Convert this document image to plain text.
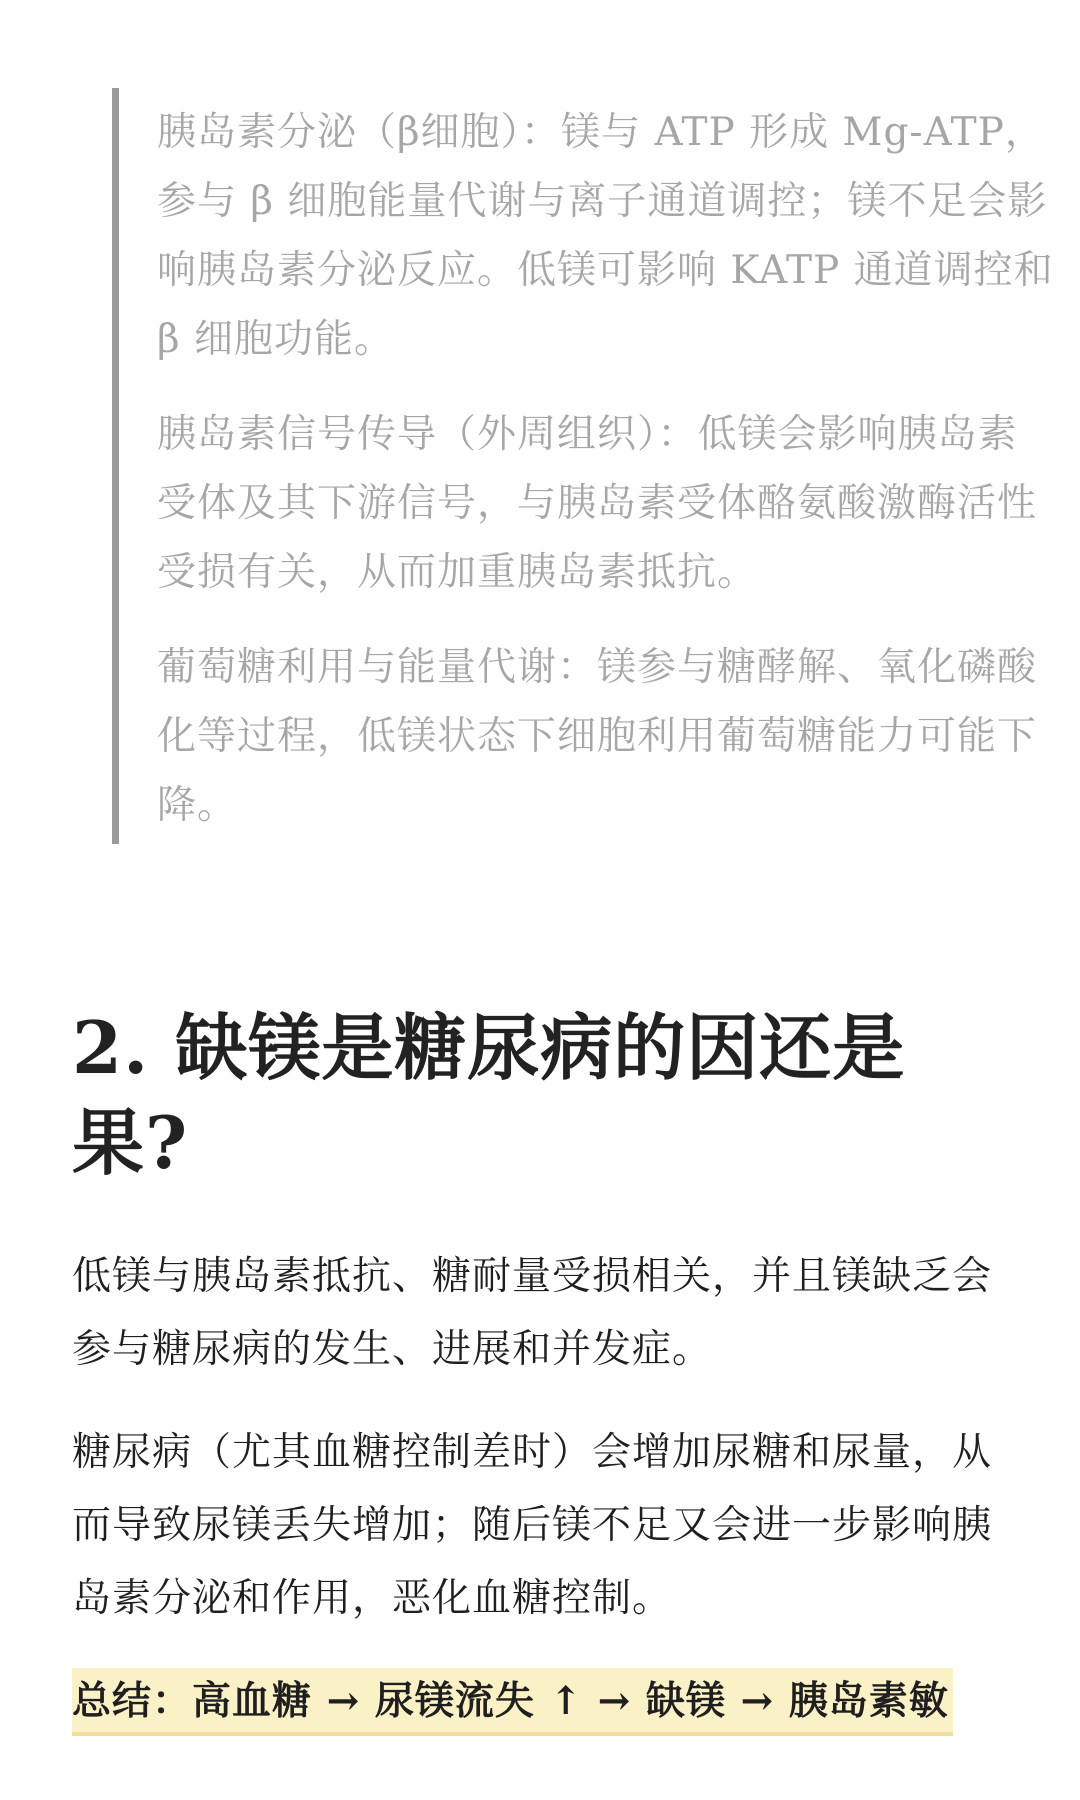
胰岛素分泌（β细胞）：镁与 ATP 形成 Mg-ATP，参与 β 细胞能量代谢与离子通道调控；镁不足会影响胰岛素分泌反应。低镁可影响 KATP 通道调控和 β 细胞功能。

胰岛素信号传导（外周组织）：低镁会影响胰岛素受体及其下游信号，与胰岛素受体酪氨酸激酶活性受损有关，从而加重胰岛素抵抗。

葡萄糖利用与能量代谢：镁参与糖酵解、氧化磷酸化等过程，低镁状态下细胞利用葡萄糖能力可能下降。

2. 缺镁是糖尿病的因还是果?

低镁与胰岛素抵抗、糖耐量受损相关，并且镁缺乏会参与糖尿病的发生、进展和并发症。

糖尿病（尤其血糖控制差时）会增加尿糖和尿量，从而导致尿镁丢失增加；随后镁不足又会进一步影响胰岛素分泌和作用，恶化血糖控制。

总结：高血糖 → 尿镁流失 ↑ → 缺镁 → 胰岛素敏
